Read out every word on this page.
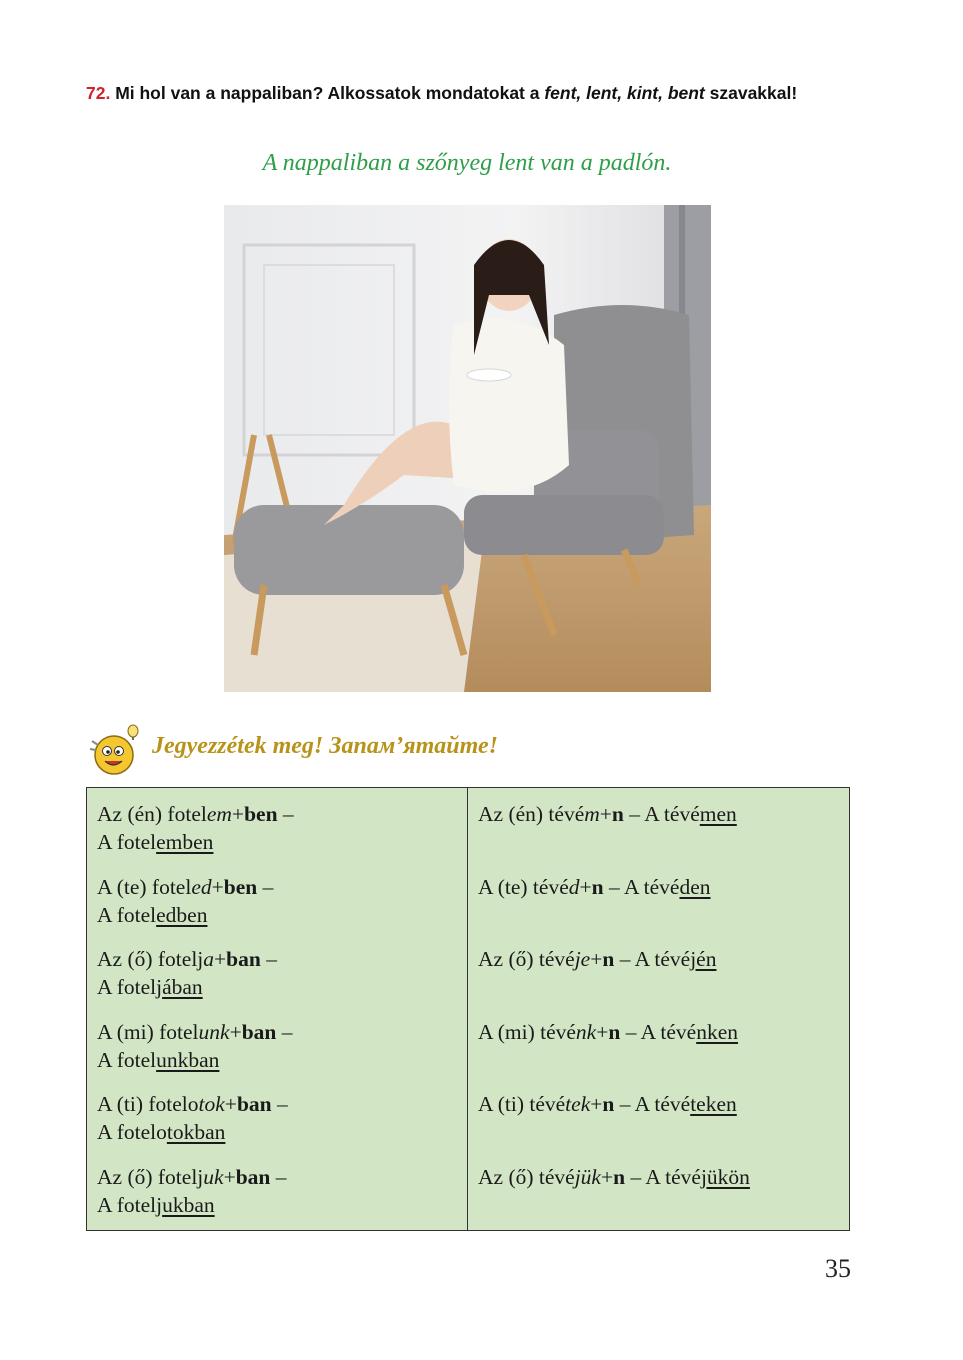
72. Mi hol van a nappaliban? Alkossatok mondatokat a fent, lent, kint, bent szavakkal!
A nappaliban a szőnyeg lent van a padlón.
Jegyezzétek meg! Запам’ятайте!
Az (én) fotelem+ben –
A fotelemben
A (te) foteled+ben –
A foteledben
Az (ő) fotelja+ban –
A foteljában
A (mi) fotelunk+ban –
A fotelunkban
A (ti) fotelotok+ban –
A fotelotokban
Az (ő) foteljuk+ban –
A foteljukban
Az (én) tévém+n – A tévémen
A (te) tévéd+n – A tévéden
Az (ő) tévéje+n – A tévéjén
A (mi) tévénk+n – A tévénken
A (ti) tévétek+n – A tévéteken
Az (ő) tévéjük+n – A tévéjükön
35
